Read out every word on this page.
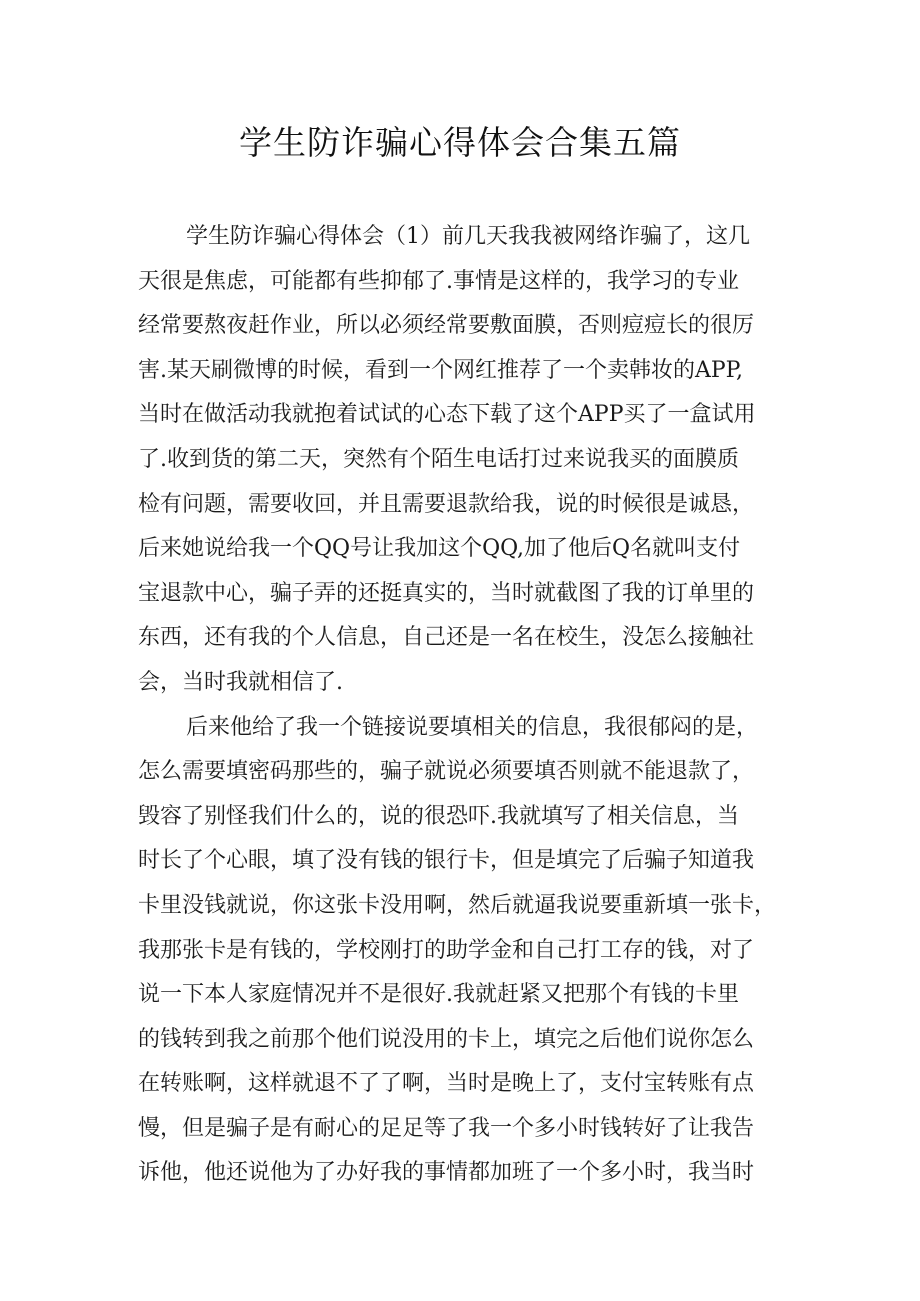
学生防诈骗心得体会合集五篇

学生防诈骗心得体会（1）前几天我我被网络诈骗了，这几
天很是焦虑，可能都有些抑郁了.事情是这样的，我学习的专业
经常要熬夜赶作业，所以必须经常要敷面膜，否则痘痘长的很厉
害.某天刷微博的时候，看到一个网红推荐了一个卖韩妆的APP,
当时在做活动我就抱着试试的心态下载了这个APP买了一盒试用
了.收到货的第二天，突然有个陌生电话打过来说我买的面膜质
检有问题，需要收回，并且需要退款给我，说的时候很是诚恳，
后来她说给我一个QQ号让我加这个QQ,加了他后Q名就叫支付
宝退款中心，骗子弄的还挺真实的，当时就截图了我的订单里的
东西，还有我的个人信息，自己还是一名在校生，没怎么接触社
会，当时我就相信了.

后来他给了我一个链接说要填相关的信息，我很郁闷的是，
怎么需要填密码那些的，骗子就说必须要填否则就不能退款了，
毁容了别怪我们什么的，说的很恐吓.我就填写了相关信息，当
时长了个心眼，填了没有钱的银行卡，但是填完了后骗子知道我
卡里没钱就说，你这张卡没用啊，然后就逼我说要重新填一张卡，
我那张卡是有钱的，学校刚打的助学金和自己打工存的钱，对了
说一下本人家庭情况并不是很好.我就赶紧又把那个有钱的卡里
的钱转到我之前那个他们说没用的卡上，填完之后他们说你怎么
在转账啊，这样就退不了了啊，当时是晚上了，支付宝转账有点
慢，但是骗子是有耐心的足足等了我一个多小时钱转好了让我告
诉他，他还说他为了办好我的事情都加班了一个多小时，我当时
